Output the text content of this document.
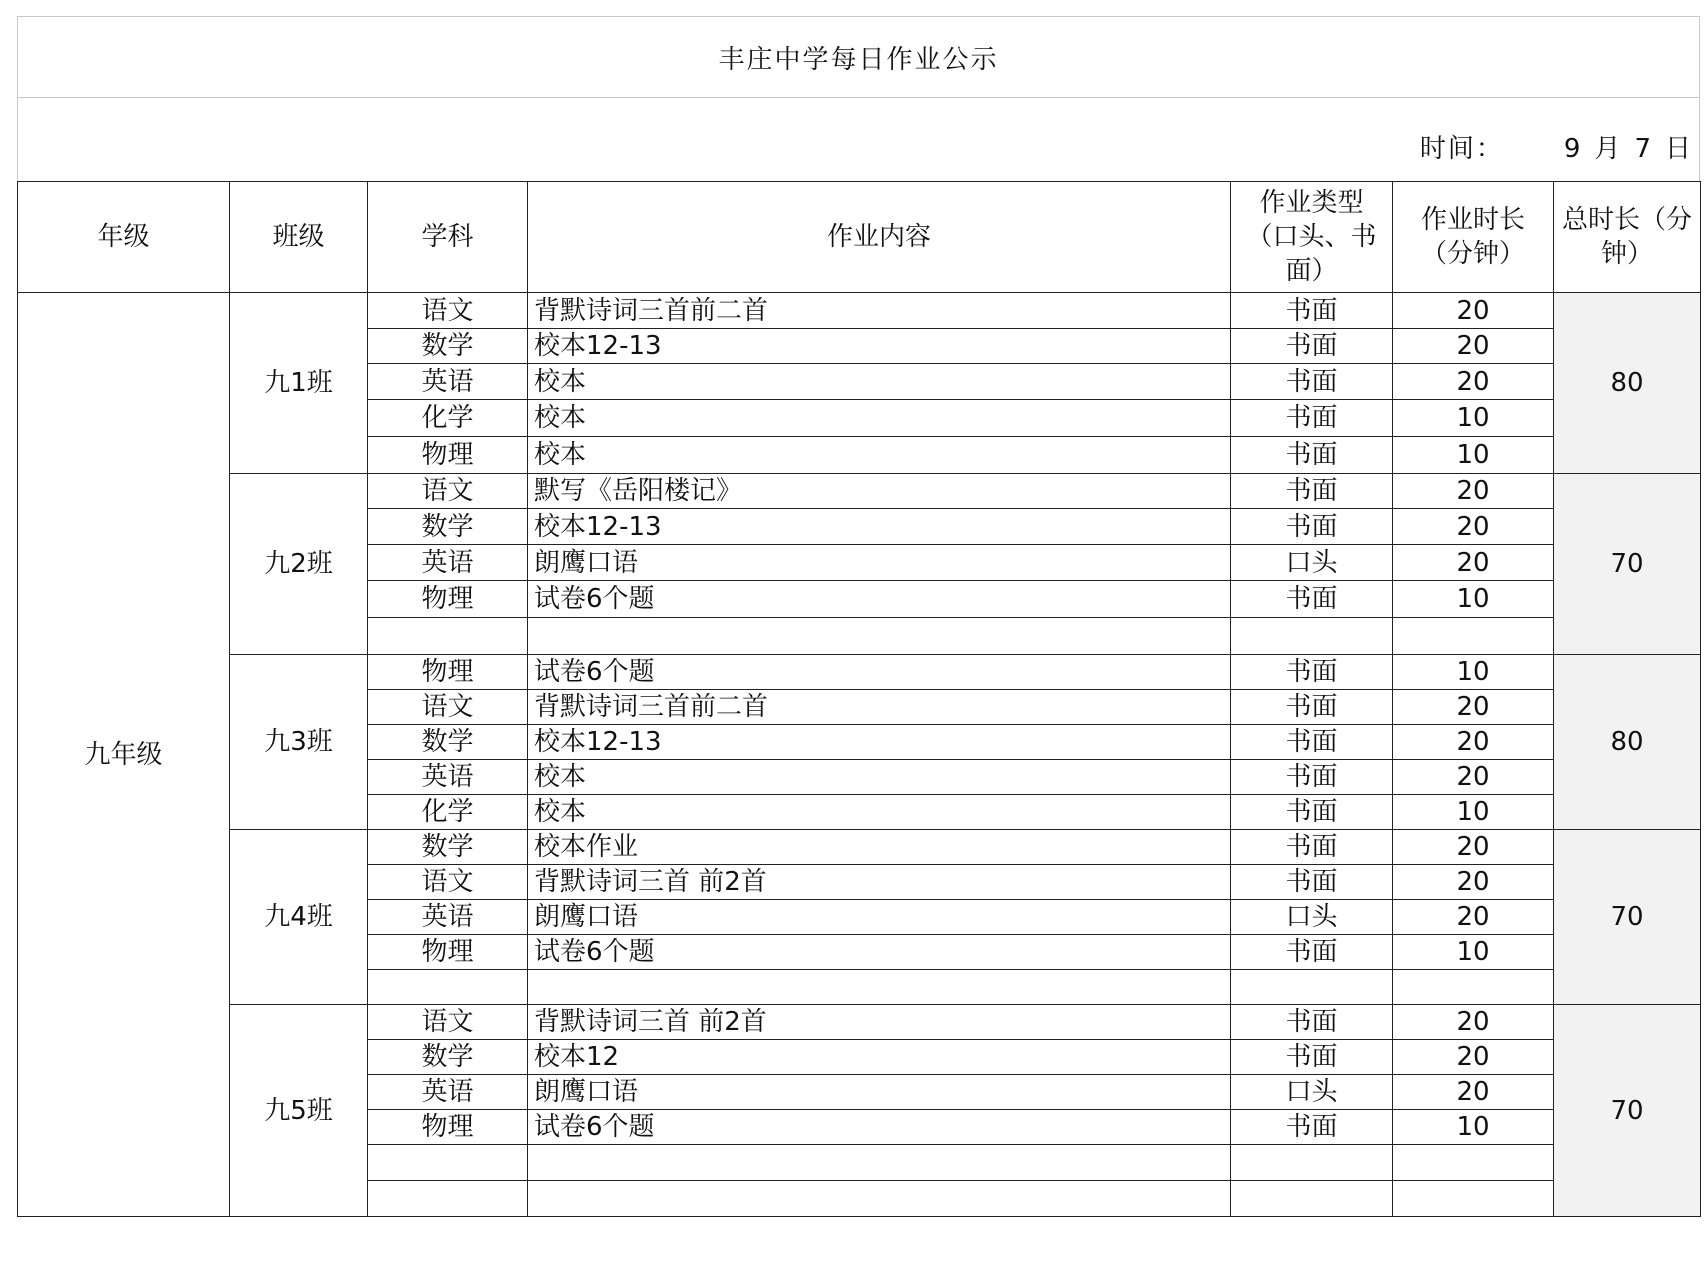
丰庄中学每日作业公示
时间： 9 月 7 日
年级	班级	学科	作业内容	作业类型（口头、书面）	作业时长（分钟）	总时长（分钟）
九年级	九1班	语文	背默诗词三首前二首	书面	20	80
		数学	校本12-13	书面	20	
		英语	校本	书面	20	
		化学	校本	书面	10	
		物理	校本	书面	10	
	九2班	语文	默写《岳阳楼记》	书面	20	70
		数学	校本12-13	书面	20	
		英语	朗鹰口语	口头	20	
		物理	试卷6个题	书面	10	

	九3班	物理	试卷6个题	书面	10	80
		语文	背默诗词三首前二首	书面	20	
		数学	校本12-13	书面	20	
		英语	校本	书面	20	
		化学	校本	书面	10	
	九4班	数学	校本作业	书面	20	70
		语文	背默诗词三首 前2首	书面	20	
		英语	朗鹰口语	口头	20	
		物理	试卷6个题	书面	10	

	九5班	语文	背默诗词三首 前2首	书面	20	70
		数学	校本12	书面	20	
		英语	朗鹰口语	口头	20	
		物理	试卷6个题	书面	10	
